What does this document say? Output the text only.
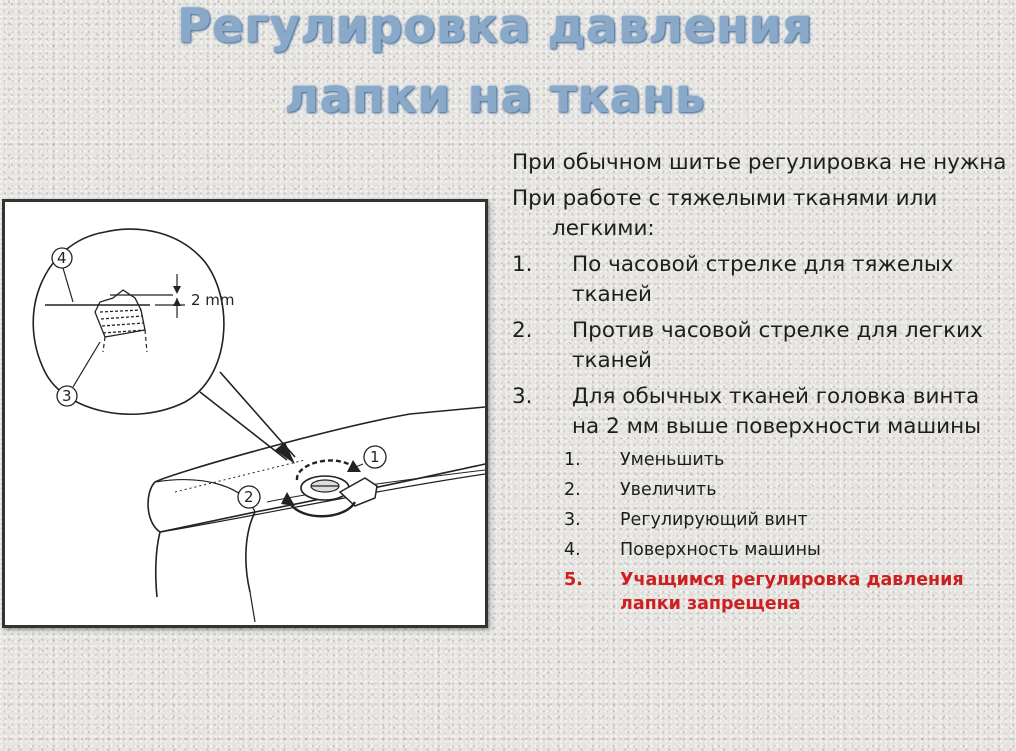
Регулировка давления
лапки на ткань
2 mm
4
3
1
2

При обычном шитье регулировка не нужна

При работе с тяжелыми тканями или легкими:

1.	По часовой стрелке для тяжелых тканей
2.	Против часовой стрелке для легких тканей
3.	Для обычных тканей головка винта на 2 мм выше поверхности машины
1.	Уменьшить
2.	Увеличить
3.	Регулирующий винт
4.	Поверхность машины
5.	Учащимся регулировка давления лапки запрещена
